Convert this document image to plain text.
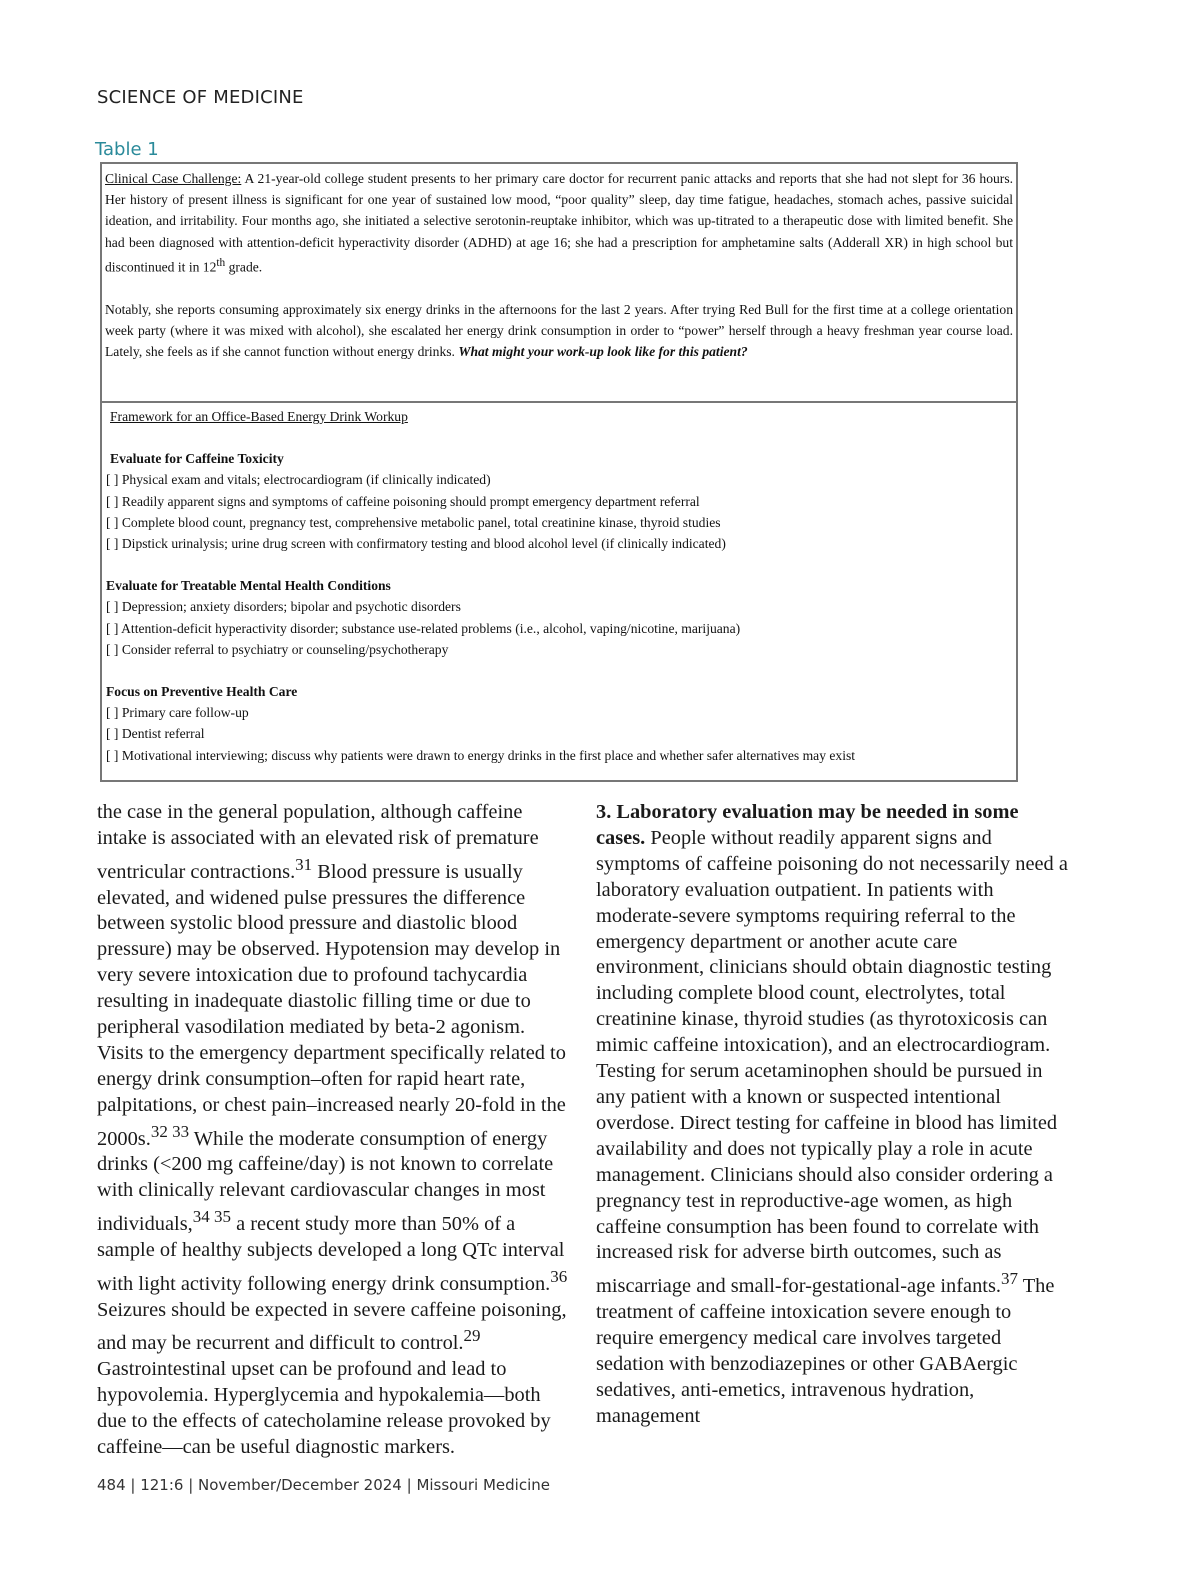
SCIENCE OF MEDICINE
Table 1

Clinical Case Challenge: A 21-year-old college student presents to her primary care doctor for recurrent panic attacks and reports that she had not slept for 36 hours. Her history of present illness is significant for one year of sustained low mood, “poor quality” sleep, day time fatigue, headaches, stomach aches, passive suicidal ideation, and irritability. Four months ago, she initiated a selective serotonin-reuptake inhibitor, which was up-titrated to a therapeutic dose with limited benefit. She had been diagnosed with attention-deficit hyperactivity disorder (ADHD) at age 16; she had a prescription for amphetamine salts (Adderall XR) in high school but discontinued it in 12th grade.

Notably, she reports consuming approximately six energy drinks in the afternoons for the last 2 years. After trying Red Bull for the first time at a college orientation week party (where it was mixed with alcohol), she escalated her energy drink consumption in order to “power” herself through a heavy freshman year course load. Lately, she feels as if she cannot function without energy drinks. What might your work-up look like for this patient?

Framework for an Office-Based Energy Drink Workup
Evaluate for Caffeine Toxicity
[ ] Physical exam and vitals; electrocardiogram (if clinically indicated)
[ ] Readily apparent signs and symptoms of caffeine poisoning should prompt emergency department referral
[ ] Complete blood count, pregnancy test, comprehensive metabolic panel, total creatinine kinase, thyroid studies
[ ] Dipstick urinalysis; urine drug screen with confirmatory testing and blood alcohol level (if clinically indicated)
Evaluate for Treatable Mental Health Conditions
[ ] Depression; anxiety disorders; bipolar and psychotic disorders
[ ] Attention-deficit hyperactivity disorder; substance use-related problems (i.e., alcohol, vaping/nicotine, marijuana)
[ ] Consider referral to psychiatry or counseling/psychotherapy
Focus on Preventive Health Care
[ ] Primary care follow-up
[ ] Dentist referral
[ ] Motivational interviewing; discuss why patients were drawn to energy drinks in the first place and whether safer alternatives may exist

the case in the general population, although caffeine intake is associated with an elevated risk of premature ventricular contractions.$^{31}$ Blood pressure is usually elevated, and widened pulse pressures the difference between systolic blood pressure and diastolic blood pressure) may be observed. Hypotension may develop in very severe intoxication due to profound tachycardia resulting in inadequate diastolic filling time or due to peripheral vasodilation mediated by beta-2 agonism. Visits to the emergency department specifically related to energy drink consumption–often for rapid heart rate, palpitations, or chest pain–increased nearly 20-fold in the 2000s.$^{32 33}$ While the moderate consumption of energy drinks (<200 mg caffeine/day) is not known to correlate with clinically relevant cardiovascular changes in most individuals,$^{34 35}$ a recent study more than 50% of a sample of healthy subjects developed a long QTc interval with light activity following energy drink consumption.$^{36}$ Seizures should be expected in severe caffeine poisoning, and may be recurrent and difficult to control.$^{29}$ Gastrointestinal upset can be profound and lead to hypovolemia. Hyperglycemia and hypokalemia—both due to the effects of catecholamine release provoked by caffeine—can be useful diagnostic markers.

3. Laboratory evaluation may be needed in some cases. People without readily apparent signs and symptoms of caffeine poisoning do not necessarily need a laboratory evaluation outpatient. In patients with moderate-severe symptoms requiring referral to the emergency department or another acute care environment, clinicians should obtain diagnostic testing including complete blood count, electrolytes, total creatinine kinase, thyroid studies (as thyrotoxicosis can mimic caffeine intoxication), and an electrocardiogram. Testing for serum acetaminophen should be pursued in any patient with a known or suspected intentional overdose. Direct testing for caffeine in blood has limited availability and does not typically play a role in acute management. Clinicians should also consider ordering a pregnancy test in reproductive-age women, as high caffeine consumption has been found to correlate with increased risk for adverse birth outcomes, such as miscarriage and small-for-gestational-age infants.$^{37}$ The treatment of caffeine intoxication severe enough to require emergency medical care involves targeted sedation with benzodiazepines or other GABAergic sedatives, anti-emetics, intravenous hydration, management

484 | 121:6 | November/December 2024 | Missouri Medicine
